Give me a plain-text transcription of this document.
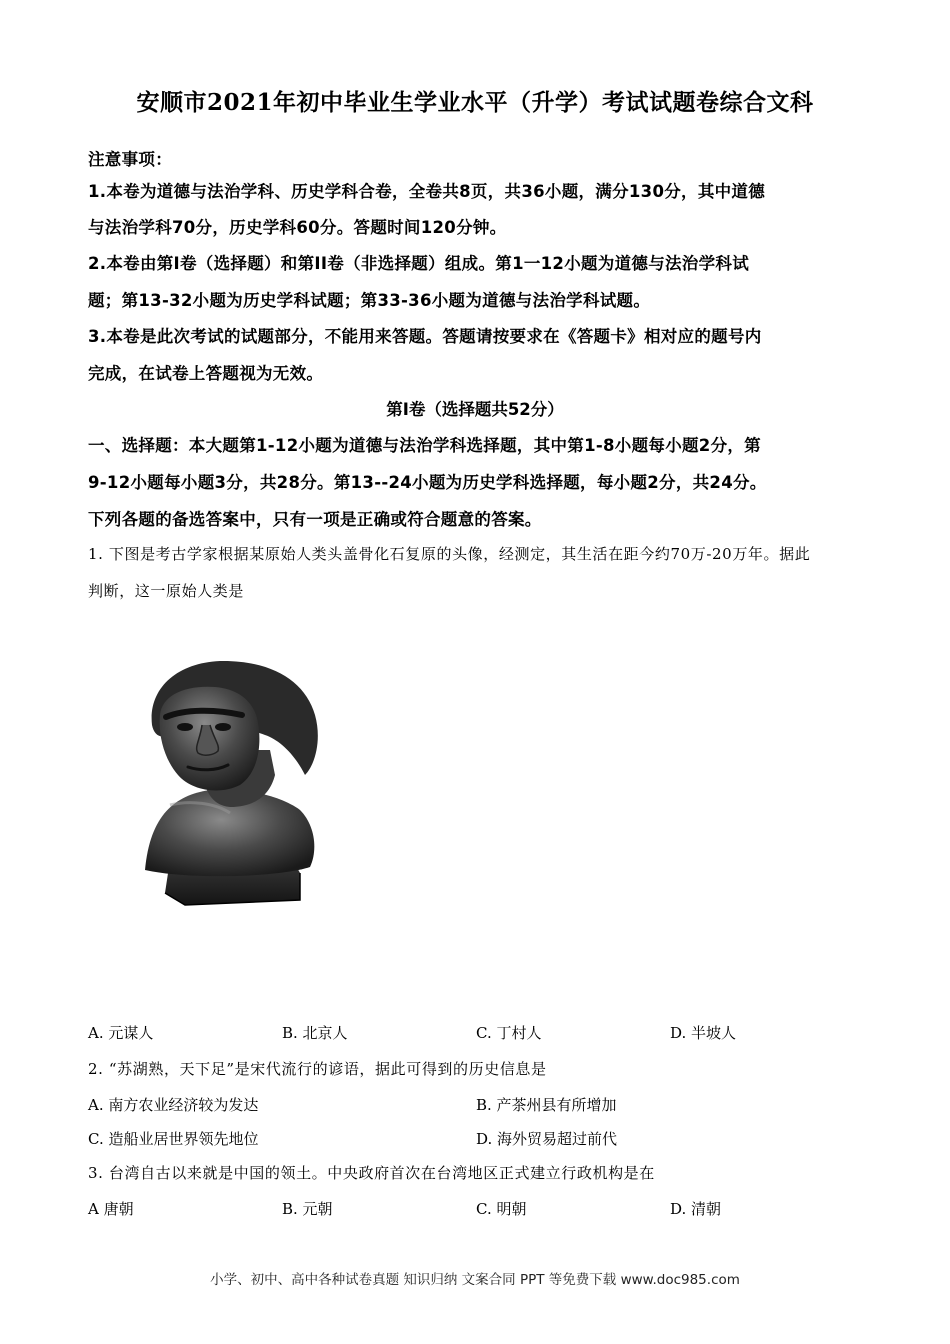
安顺市2021年初中毕业生学业水平（升学）考试试题卷综合文科
注意事项：
1.本卷为道德与法治学科、历史学科合卷，全卷共8页，共36小题，满分130分，其中道德
与法治学科70分，历史学科60分。答题时间120分钟。
2.本卷由第Ⅰ卷（选择题）和第II卷（非选择题）组成。第1一12小题为道德与法治学科试
题；第13-32小题为历史学科试题；第33-36小题为道德与法治学科试题。
3.本卷是此次考试的试题部分，不能用来答题。答题请按要求在《答题卡》相对应的题号内
完成，在试卷上答题视为无效。
第Ⅰ卷（选择题共52分）
一、选择题：本大题第1-12小题为道德与法治学科选择题，其中第1-8小题每小题2分，第
9-12小题每小题3分，共28分。第13--24小题为历史学科选择题，每小题2分，共24分。
下列各题的备选答案中，只有一项是正确或符合题意的答案。
1. 下图是考古学家根据某原始人类头盖骨化石复原的头像，经测定，其生活在距今约70万-20万年。据此
判断，这一原始人类是
A. 元谋人	B. 北京人	C. 丁村人	D. 半坡人
2. “苏湖熟，天下足”是宋代流行的谚语，据此可得到的历史信息是
A. 南方农业经济较为发达	B. 产茶州县有所增加
C. 造船业居世界领先地位	D. 海外贸易超过前代
3. 台湾自古以来就是中国的领土。中央政府首次在台湾地区正式建立行政机构是在
A 唐朝	B. 元朝	C. 明朝	D. 清朝
小学、初中、高中各种试卷真题 知识归纳 文案合同 PPT 等免费下载 www.doc985.com
